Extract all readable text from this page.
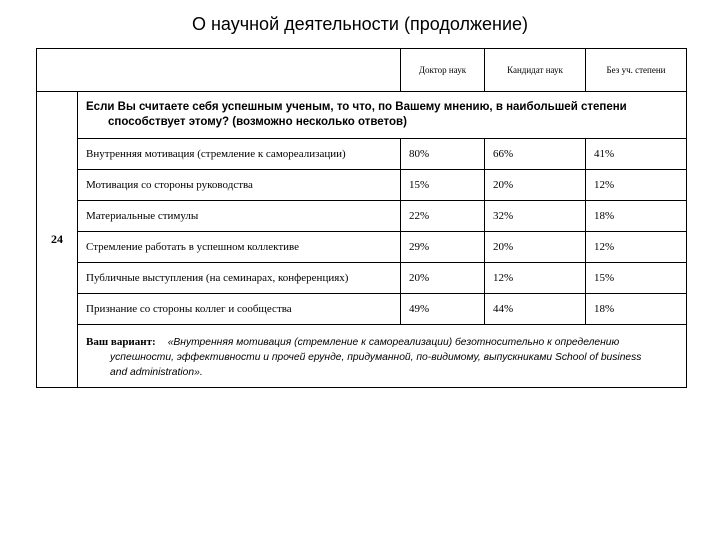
О научной деятельности (продолжение)
		Доктор наук	Кандидат наук	Без уч. степени
24	Если Вы считаете себя успешным ученым, то что, по Вашему мнению, в наибольшей степени
способствует этому? (возможно несколько ответов)			

	Внутренняя мотивация (стремление к самореализации)	80%	66%	41%
	Мотивация со стороны руководства	15%	20%	12%
	Материальные стимулы	22%	32%	18%
	Стремление работать в успешном коллективе	29%	20%	12%
	Публичные выступления (на семинарах, конференциях)	20%	12%	15%
	Признание со стороны коллег и сообщества	49%	44%	18%
	Ваш вариант: «Внутренняя мотивация (стремление к самореализации) безотносительно к определению
успешности, эффективности и прочей ерунде, придуманной, по-видимому, выпускниками School of business
and administration».			
